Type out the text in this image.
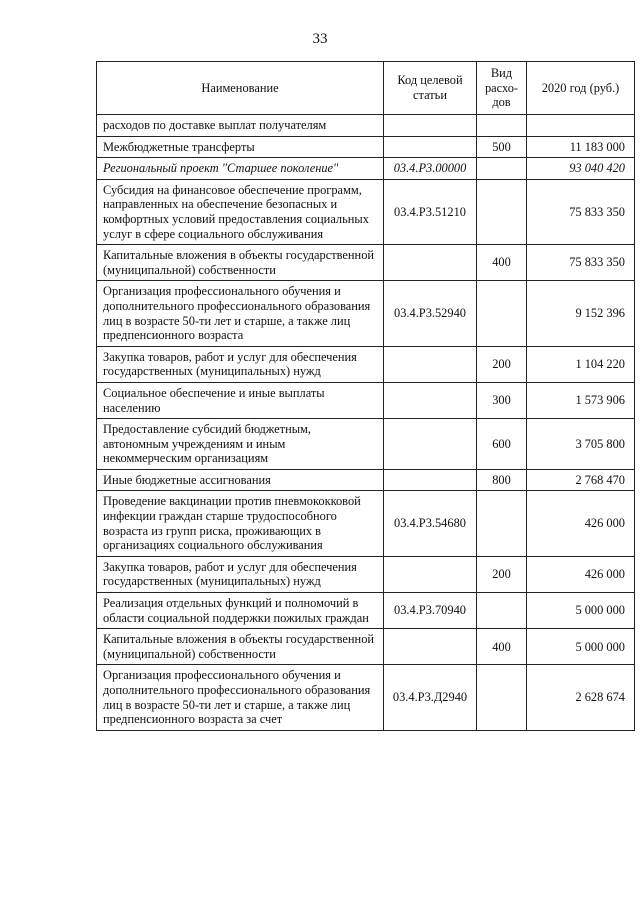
33
Наименование	Код целевой статьи	Вид расхо-дов	2020 год (руб.)
расходов по доставке выплат получателям			
Межбюджетные трансферты		500	11 183 000
Региональный проект "Старшее поколение"	03.4.P3.00000		93 040 420
Субсидия на финансовое обеспечение программ, направленных на обеспечение безопасных и комфортных условий предоставления социальных услуг в сфере социального обслуживания	03.4.P3.51210		75 833 350
Капитальные вложения в объекты государственной (муниципальной) собственности		400	75 833 350
Организация профессионального обучения и дополнительного профессионального образования лиц в возрасте 50-ти лет и старше, а также лиц предпенсионного возраста	03.4.P3.52940		9 152 396
Закупка товаров, работ и услуг для обеспечения государственных (муниципальных) нужд		200	1 104 220
Социальное обеспечение и иные выплаты населению		300	1 573 906
Предоставление субсидий бюджетным, автономным учреждениям и иным некоммерческим организациям		600	3 705 800
Иные бюджетные ассигнования		800	2 768 470
Проведение вакцинации против пневмококковой инфекции граждан старше трудоспособного возраста из групп риска, проживающих в организациях социального обслуживания	03.4.P3.54680		426 000
Закупка товаров, работ и услуг для обеспечения государственных (муниципальных) нужд		200	426 000
Реализация отдельных функций и полномочий в области социальной поддержки пожилых граждан	03.4.P3.70940		5 000 000
Капитальные вложения в объекты государственной (муниципальной) собственности		400	5 000 000
Организация профессионального обучения и дополнительного профессионального образования лиц в возрасте 50-ти лет и старше, а также лиц предпенсионного возраста за счет	03.4.P3.Д2940		2 628 674
